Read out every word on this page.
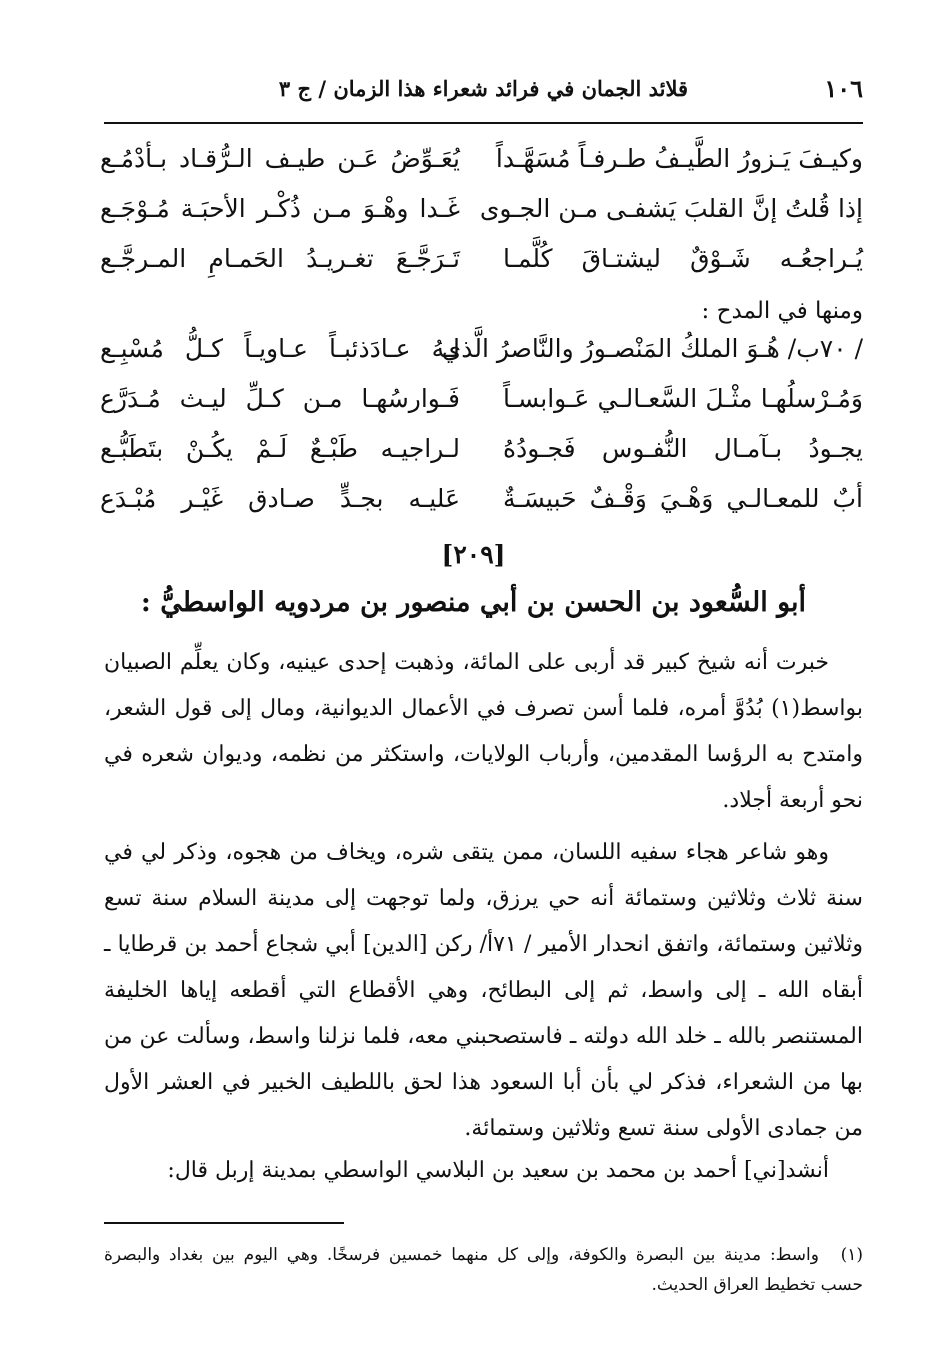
١٠٦
قلائد الجمان في فرائد شعراء هذا الزمان / ج ٣
وكيـفَ يَـزورُ الطَّيـفُ طـرفـاً مُسَهَّـداً
يُعَـوِّضُ عَـن طيـف الـرُّقـاد بـأدْمُـع
إذا قُلتُ إنَّ القلبَ يَشفـى مـن الجـوى
غَـدا وهْـوَ مـن ذُكْـر الأحبَـة مُـوْجَـع
يُـراجعُـه شَـوْقٌ ليشتـاقَ كُلَّمـا
تَـرَجَّـعَ تغـريـدُ الحَمـامِ المـرجَّـع
ومنها في المدح :
/ ٧٠ب/ هُـوَ الملكُ المَنْصـورُ والنَّاصرُ الَّذي
لـهُ عـادَذئبـاً عـاويـاً كـلُّ مُسْبِـع
وَمُـرْسلُهـا مثْـلَ السَّعـالـي عَـوابسـاً
فَـوارسُهـا مـن كـلِّ ليـث مُـدَرَّع
يجـودُ بـآمـال النُّفـوس فَجـودُهُ
لـراجيـه طَبْـعٌ لَـمْ يكُـنْ بتَطَبُّـع
أبٌ للمعـالـي وَهْـيَ وَقْـفٌ حَبيسَـةٌ
عَليـه بجـدٍّ صـادق غَيْـر مُبْـدَع
[٢٠٩]
أبو السُّعود بن الحسن بن أبي منصور بن مردويه الواسطيُّ :

خبرت أنه شيخ كبير قد أربى على المائة، وذهبت إحدى عينيه، وكان يعلِّم الصبيان بواسط(١) بُدُوَّ أمره، فلما أسن تصرف في الأعمال الديوانية، ومال إلى قول الشعر، وامتدح به الرؤسا المقدمين، وأرباب الولايات، واستكثر من نظمه، وديوان شعره في نحو أربعة أجلاد.

وهو شاعر هجاء سفيه اللسان، ممن يتقى شره، ويخاف من هجوه، وذكر لي في سنة ثلاث وثلاثين وستمائة أنه حي يرزق، ولما توجهت إلى مدينة السلام سنة تسع وثلاثين وستمائة، واتفق انحدار الأمير / ٧١أ/ ركن [الدين] أبي شجاع أحمد بن قرطايا ـ أبقاه الله ـ إلى واسط، ثم إلى البطائح، وهي الأقطاع التي أقطعه إياها الخليفة المستنصر بالله ـ خلد الله دولته ـ فاستصحبني معه، فلما نزلنا واسط، وسألت عن من بها من الشعراء، فذكر لي بأن أبا السعود هذا لحق باللطيف الخبير في العشر الأول من جمادى الأولى سنة تسع وثلاثين وستمائة.

أنشد[ني] أحمد بن محمد بن سعيد بن البلاسي الواسطي بمدينة إربل قال:

(١)واسط: مدينة بين البصرة والكوفة، وإلى كل منهما خمسين فرسخًا. وهي اليوم بين بغداد والبصرة حسب تخطيط العراق الحديث.
